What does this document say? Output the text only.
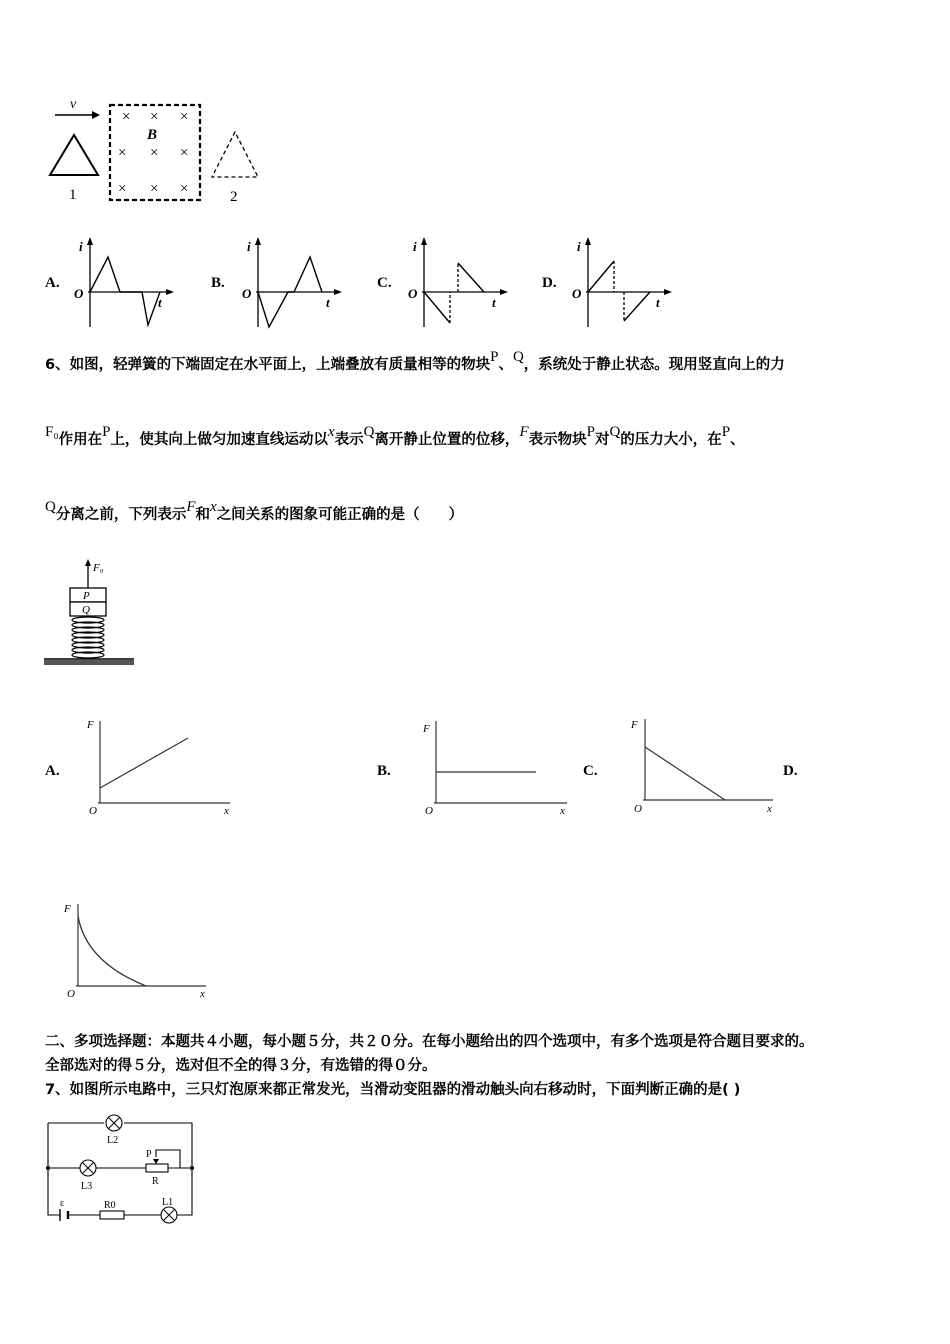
v
1
× × ×
B
× × ×
× × ×	2
A.
i
O
t
B.
i
O
t
C.
i
O
t
D.
i
O
t
6、如图，轻弹簧的下端固定在水平面上，上端叠放有质量相等的物块P、Q，系统处于静止状态。现用竖直向上的力
F₀作用在P上，使其向上做匀加速直线运动以x表示Q离开静止位置的位移，F表示物块P对Q的压力大小，在P、
Q分离之前，下列表示F和x之间关系的图象可能正确的是（　　）
F₀
P
Q
A.
F
O	x
B.
F
O	x
C.
F
O	x
D.
F
O	x
二、多项选择题：本题共４小题，每小题５分，共２０分。在每小题给出的四个选项中，有多个选项是符合题目要求的。
全部选对的得５分，选对但不全的得３分，有选错的得０分。
7、如图所示电路中，三只灯泡原来都正常发光，当滑动变阻器的滑动触头向右移动时，下面判断正确的是( )
L2
L3
P
R
ε	R0	L1
